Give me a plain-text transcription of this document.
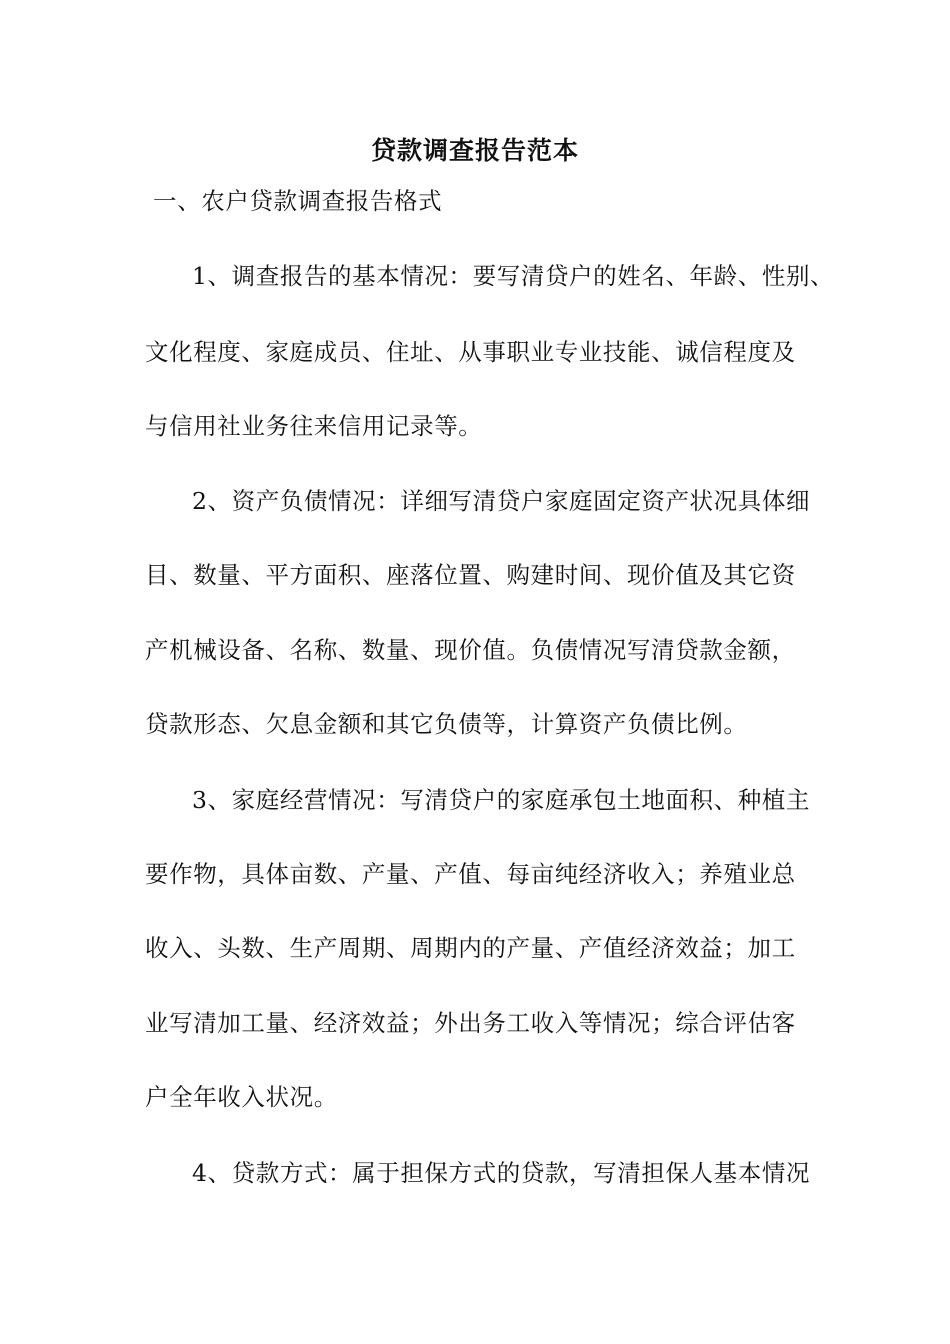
贷款调查报告范本
一、农户贷款调查报告格式
1、调查报告的基本情况：要写清贷户的姓名、年龄、性别、
文化程度、家庭成员、住址、从事职业专业技能、诚信程度及
与信用社业务往来信用记录等。
2、资产负债情况：详细写清贷户家庭固定资产状况具体细
目、数量、平方面积、座落位置、购建时间、现价值及其它资
产机械设备、名称、数量、现价值。负债情况写清贷款金额，
贷款形态、欠息金额和其它负债等，计算资产负债比例。
3、家庭经营情况：写清贷户的家庭承包土地面积、种植主
要作物，具体亩数、产量、产值、每亩纯经济收入；养殖业总
收入、头数、生产周期、周期内的产量、产值经济效益；加工
业写清加工量、经济效益；外出务工收入等情况；综合评估客
户全年收入状况。
4、贷款方式：属于担保方式的贷款，写清担保人基本情况
